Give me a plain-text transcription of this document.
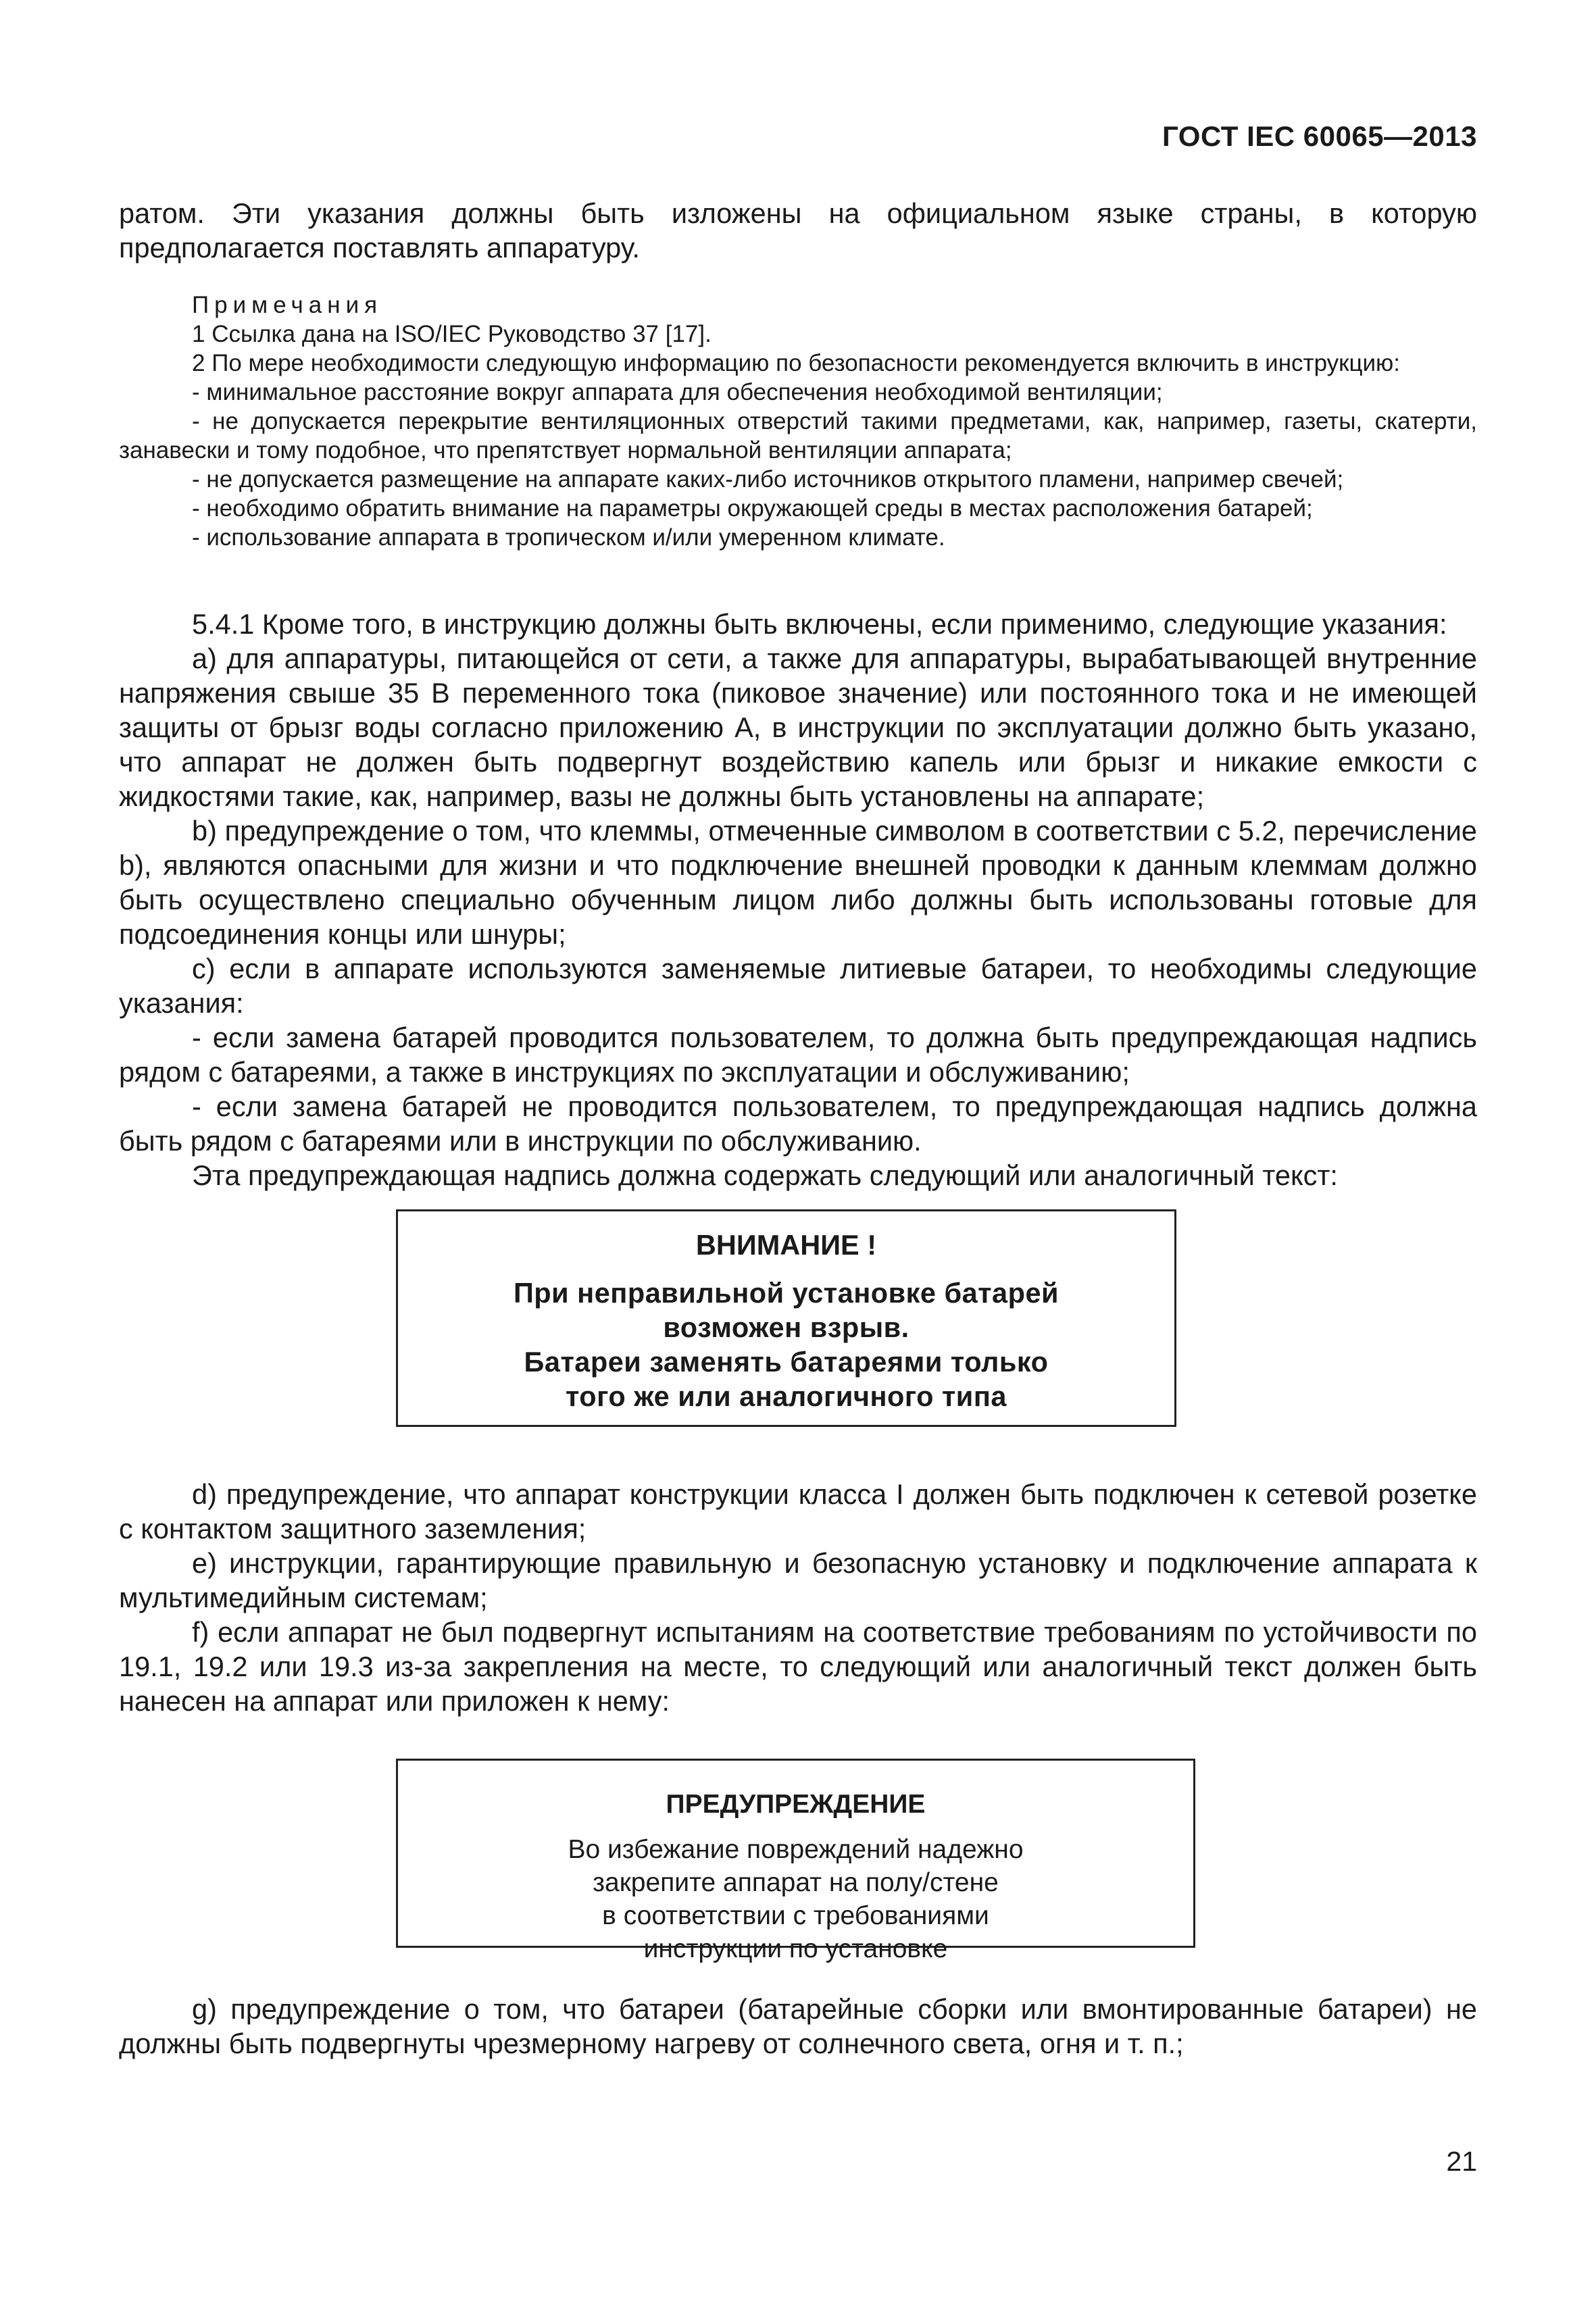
ГОСТ IEC 60065—2013

ратом. Эти указания должны быть изложены на официальном языке страны, в которую предполагается поставлять аппаратуру.

Примечания

1 Ссылка дана на ISO/IEC Руководство 37 [17].

2 По мере необходимости следующую информацию по безопасности рекомендуется включить в инструкцию:

- минимальное расстояние вокруг аппарата для обеспечения необходимой вентиляции;

- не допускается перекрытие вентиляционных отверстий такими предметами, как, например, газеты, скатерти, занавески и тому подобное, что препятствует нормальной вентиляции аппарата;

- не допускается размещение на аппарате каких-либо источников открытого пламени, например свечей;

- необходимо обратить внимание на параметры окружающей среды в местах расположения батарей;

- использование аппарата в тропическом и/или умеренном климате.

5.4.1 Кроме того, в инструкцию должны быть включены, если применимо, следующие указания:

а) для аппаратуры, питающейся от сети, а также для аппаратуры, вырабатывающей внутренние напряжения свыше 35 В переменного тока (пиковое значение) или постоянного тока и не имеющей защиты от брызг воды согласно приложению А, в инструкции по эксплуатации должно быть указано, что аппарат не должен быть подвергнут воздействию капель или брызг и никакие емкости с жидкостями такие, как, например, вазы не должны быть установлены на аппарате;

b) предупреждение о том, что клеммы, отмеченные символом в соответствии с 5.2, перечисление b), являются опасными для жизни и что подключение внешней проводки к данным клеммам должно быть осуществлено специально обученным лицом либо должны быть использованы готовые для подсоединения концы или шнуры;

с) если в аппарате используются заменяемые литиевые батареи, то необходимы следующие указания:

- если замена батарей проводится пользователем, то должна быть предупреждающая надпись рядом с батареями, а также в инструкциях по эксплуатации и обслуживанию;

- если замена батарей не проводится пользователем, то предупреждающая надпись должна быть рядом с батареями или в инструкции по обслуживанию.

Эта предупреждающая надпись должна содержать следующий или аналогичный текст:

ВНИМАНИЕ !
При неправильной установке батарей
возможен взрыв.
Батареи заменять батареями только
того же или аналогичного типа

d) предупреждение, что аппарат конструкции класса I должен быть подключен к сетевой розетке с контактом защитного заземления;

е) инструкции, гарантирующие правильную и безопасную установку и подключение аппарата к мультимедийным системам;

f) если аппарат не был подвергнут испытаниям на соответствие требованиям по устойчивости по 19.1, 19.2 или 19.3 из-за закрепления на месте, то следующий или аналогичный текст должен быть нанесен на аппарат или приложен к нему:

ПРЕДУПРЕЖДЕНИЕ
Во избежание повреждений надежно
закрепите аппарат на полу/стене
в соответствии с требованиями
инструкции по установке

g) предупреждение о том, что батареи (батарейные сборки или вмонтированные батареи) не должны быть подвергнуты чрезмерному нагреву от солнечного света, огня и т. п.;

21
